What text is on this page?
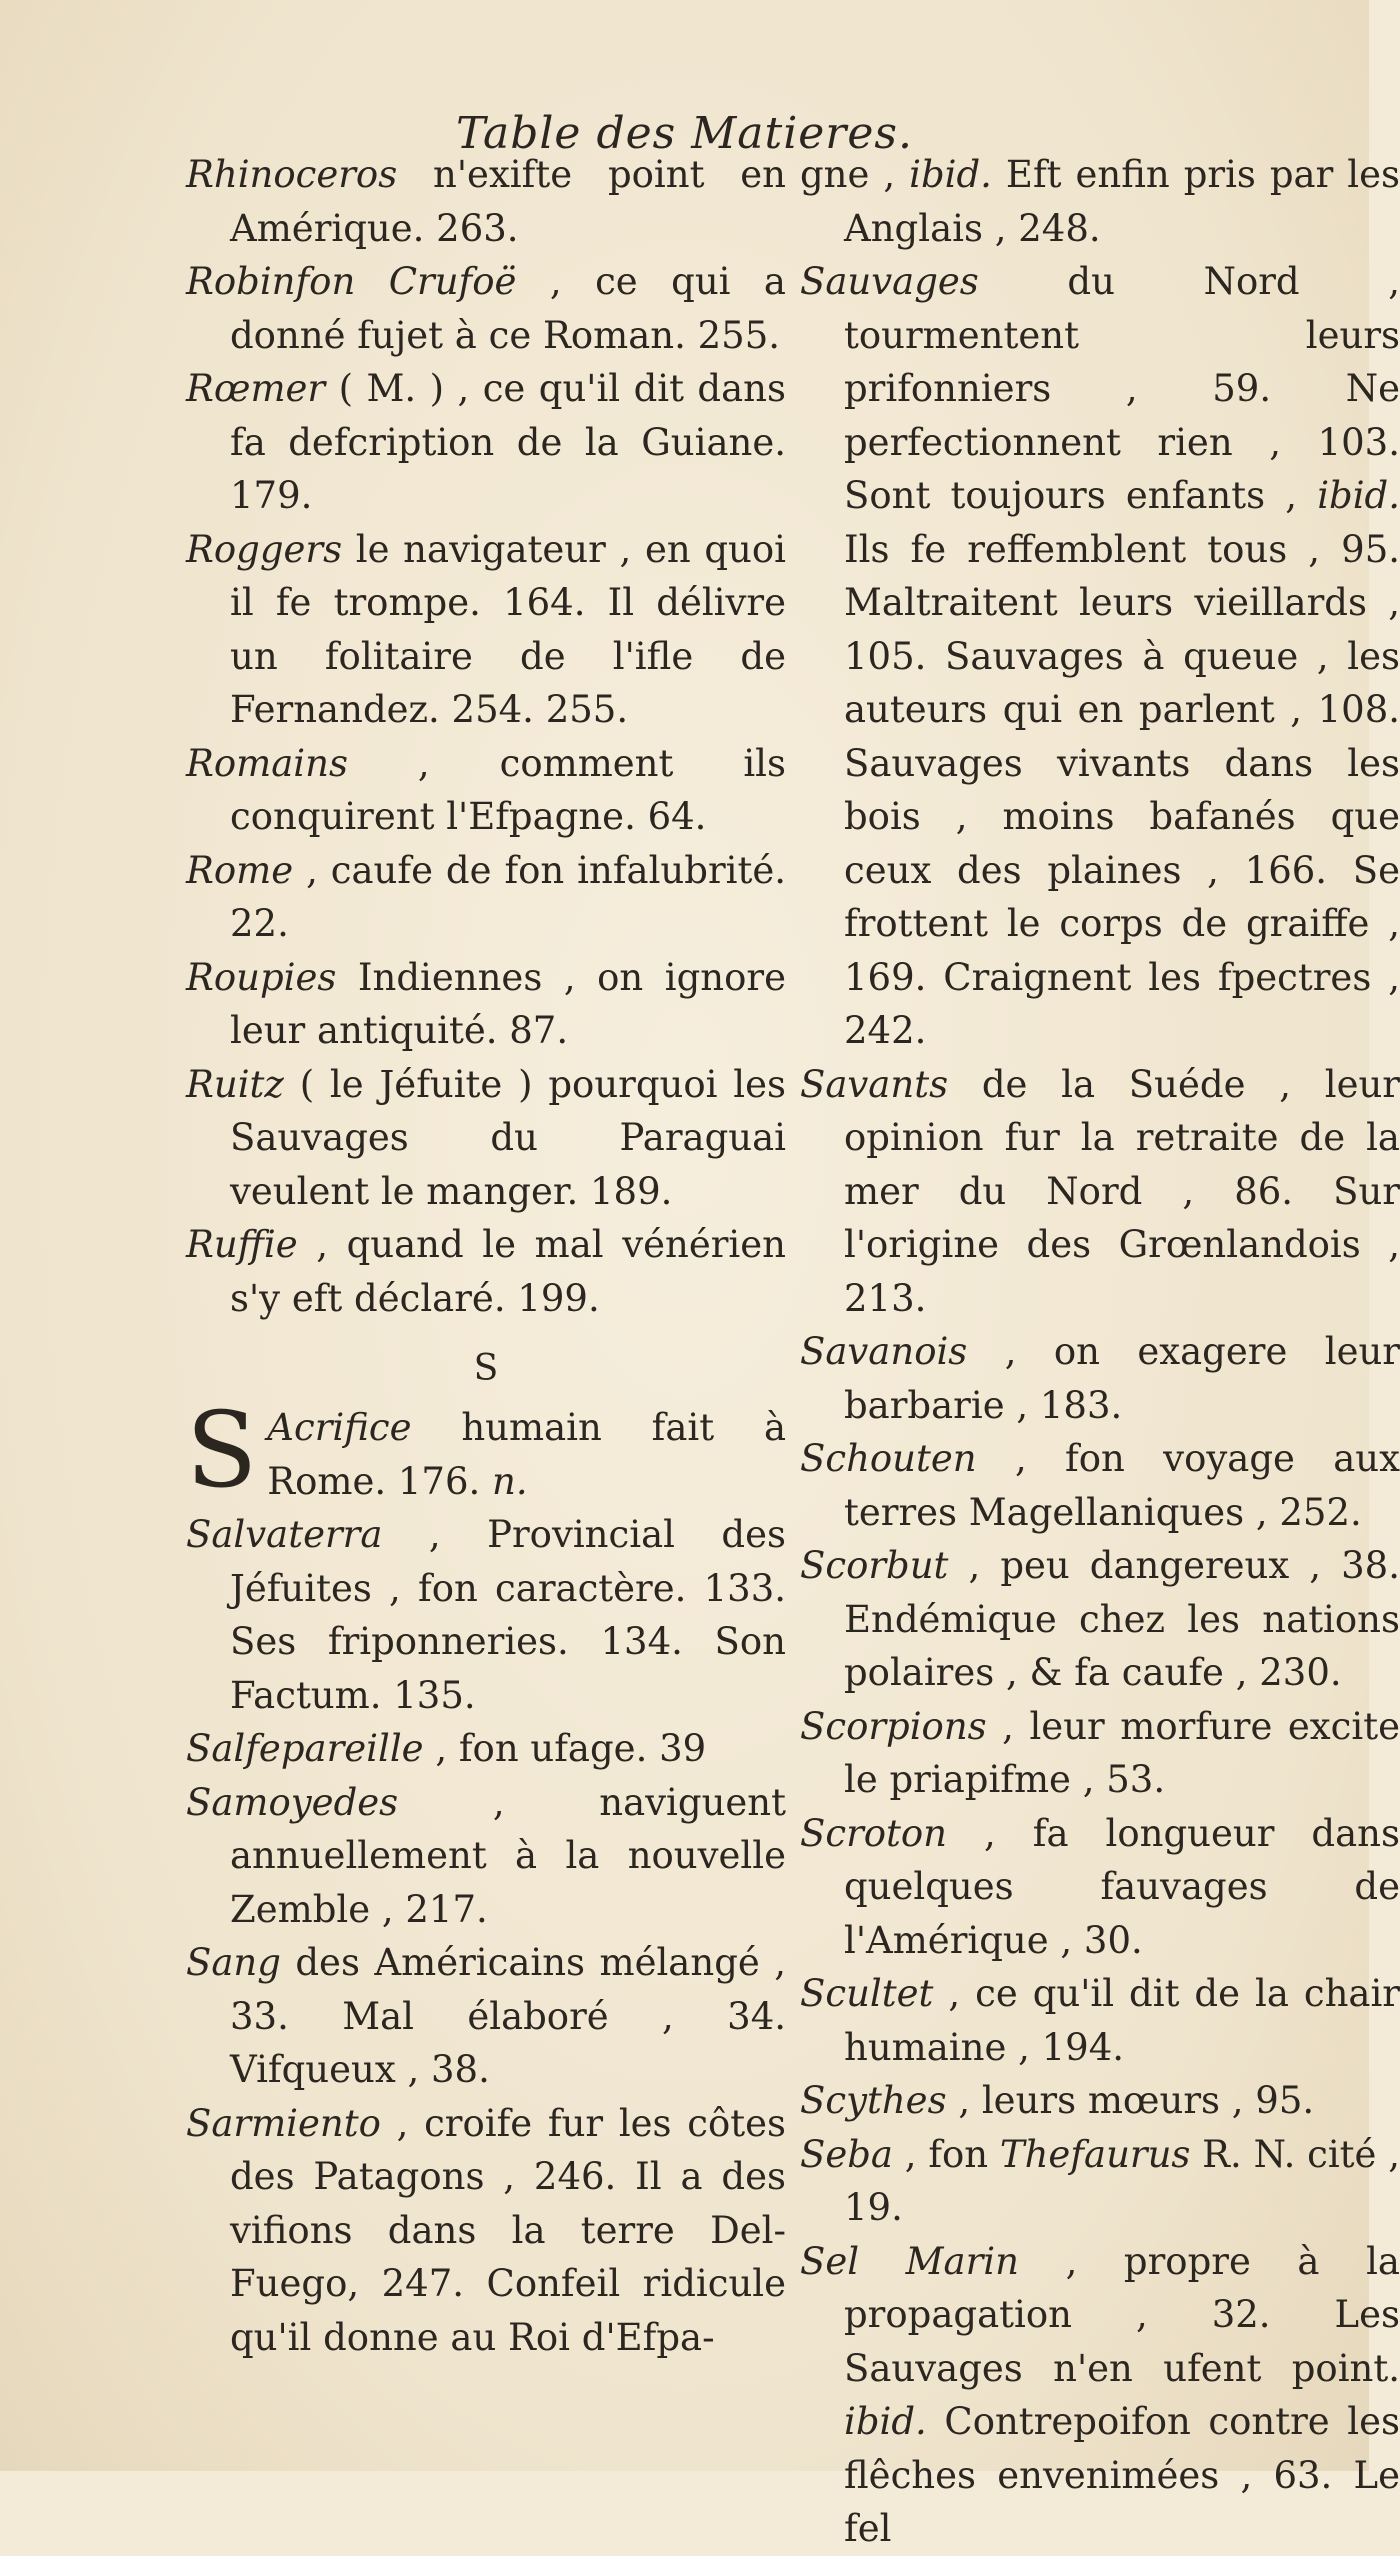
Table des Matieres.
Rhinoceros n'exifte point en Amérique. 263.
Robinfon Crufoë , ce qui a donné fujet à ce Roman. 255.
Rœmer ( M. ) , ce qu'il dit dans fa defcription de la Guiane. 179.
Roggers le navigateur , en quoi il fe trompe. 164. Il délivre un folitaire de l'ifle de Fernandez. 254. 255.
Romains , comment ils conquirent l'Efpagne. 64.
Rome , caufe de fon infalubrité. 22.
Roupies Indiennes , on ignore leur antiquité. 87.
Ruitz ( le Jéfuite ) pourquoi les Sauvages du Paraguai veulent le manger. 189.
Ruffie , quand le mal vénérien s'y eft déclaré. 199.
S
S Acrifice humain fait à Rome. 176. n.
Salvaterra , Provincial des Jéfuites , fon caractère. 133. Ses friponneries. 134. Son Factum. 135.
Salfepareille , fon ufage. 39
Samoyedes , naviguent annuellement à la nouvelle Zemble , 217.
Sang des Américains mélangé , 33. Mal élaboré , 34. Vifqueux , 38.
Sarmiento , croife fur les côtes des Patagons , 246. Il a des vifions dans la terre Del-Fuego, 247. Confeil ridicule qu'il donne au Roi d'Efpa-
gne , ibid. Eft enfin pris par les Anglais , 248.
Sauvages du Nord , tourmentent leurs prifonniers , 59. Ne perfectionnent rien , 103. Sont toujours enfants , ibid. Ils fe reffemblent tous , 95. Maltraitent leurs vieillards , 105. Sauvages à queue , les auteurs qui en parlent , 108. Sauvages vivants dans les bois , moins bafanés que ceux des plaines , 166. Se frottent le corps de graiffe , 169. Craignent les fpectres , 242.
Savants de la Suéde , leur opinion fur la retraite de la mer du Nord , 86. Sur l'origine des Grœnlandois , 213.
Savanois , on exagere leur barbarie , 183.
Schouten , fon voyage aux terres Magellaniques , 252.
Scorbut , peu dangereux , 38. Endémique chez les nations polaires , & fa caufe , 230.
Scorpions , leur morfure excite le priapifme , 53.
Scroton , fa longueur dans quelques fauvages de l'Amérique , 30.
Scultet , ce qu'il dit de la chair humaine , 194.
Scythes , leurs mœurs , 95.
Seba , fon Thefaurus R. N. cité , 19.
Sel Marin , propre à la propagation , 32. Les Sauvages n'en ufent point. ibid. Contrepoifon contre les flêches envenimées , 63. Le fel
